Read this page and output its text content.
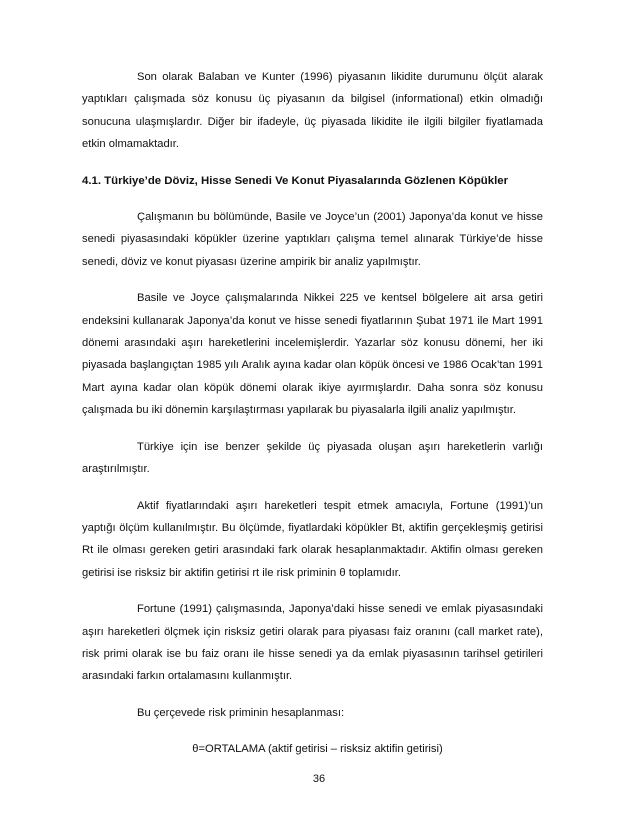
Son olarak Balaban ve Kunter (1996) piyasanın likidite durumunu ölçüt alarak yaptıkları çalışmada söz konusu üç piyasanın da bilgisel (informational) etkin olmadığı sonucuna ulaşmışlardır. Diğer bir ifadeyle, üç piyasada likidite ile ilgili bilgiler fiyatlamada etkin olmamaktadır.

4.1. Türkiye’de Döviz, Hisse Senedi Ve Konut Piyasalarında Gözlenen Köpükler

Çalışmanın bu bölümünde, Basile ve Joyce’un (2001) Japonya’da konut ve hisse senedi piyasasındaki köpükler üzerine yaptıkları çalışma temel alınarak Türkiye’de hisse senedi, döviz ve konut piyasası üzerine ampirik bir analiz yapılmıştır.

Basile ve Joyce çalışmalarında Nikkei 225 ve kentsel bölgelere ait arsa getiri endeksini kullanarak Japonya’da konut ve hisse senedi fiyatlarının Şubat 1971 ile Mart 1991 dönemi arasındaki aşırı hareketlerini incelemişlerdir. Yazarlar söz konusu dönemi, her iki piyasada başlangıçtan 1985 yılı Aralık ayına kadar olan köpük öncesi ve 1986 Ocak’tan 1991 Mart ayına kadar olan köpük dönemi olarak ikiye ayırmışlardır. Daha sonra söz konusu çalışmada bu iki dönemin karşılaştırması yapılarak bu piyasalarla ilgili analiz yapılmıştır.

Türkiye için ise benzer şekilde üç piyasada oluşan aşırı hareketlerin varlığı araştırılmıştır.

Aktif fiyatlarındaki aşırı hareketleri tespit etmek amacıyla, Fortune (1991)’un yaptığı ölçüm kullanılmıştır. Bu ölçümde, fiyatlardaki köpükler Bt, aktifin gerçekleşmiş getirisi Rt ile olması gereken getiri arasındaki fark olarak hesaplanmaktadır. Aktifin olması gereken getirisi ise risksiz bir aktifin getirisi rt ile risk priminin θ toplamıdır.

Fortune (1991) çalışmasında, Japonya’daki hisse senedi ve emlak piyasasındaki aşırı hareketleri ölçmek için risksiz getiri olarak para piyasası faiz oranını (call market rate), risk primi olarak ise bu faiz oranı ile hisse senedi ya da emlak piyasasının tarihsel getirileri arasındaki farkın ortalamasını kullanmıştır.

Bu çerçevede risk priminin hesaplanması:

θ=ORTALAMA (aktif getirisi – risksiz aktifin getirisi)

36
